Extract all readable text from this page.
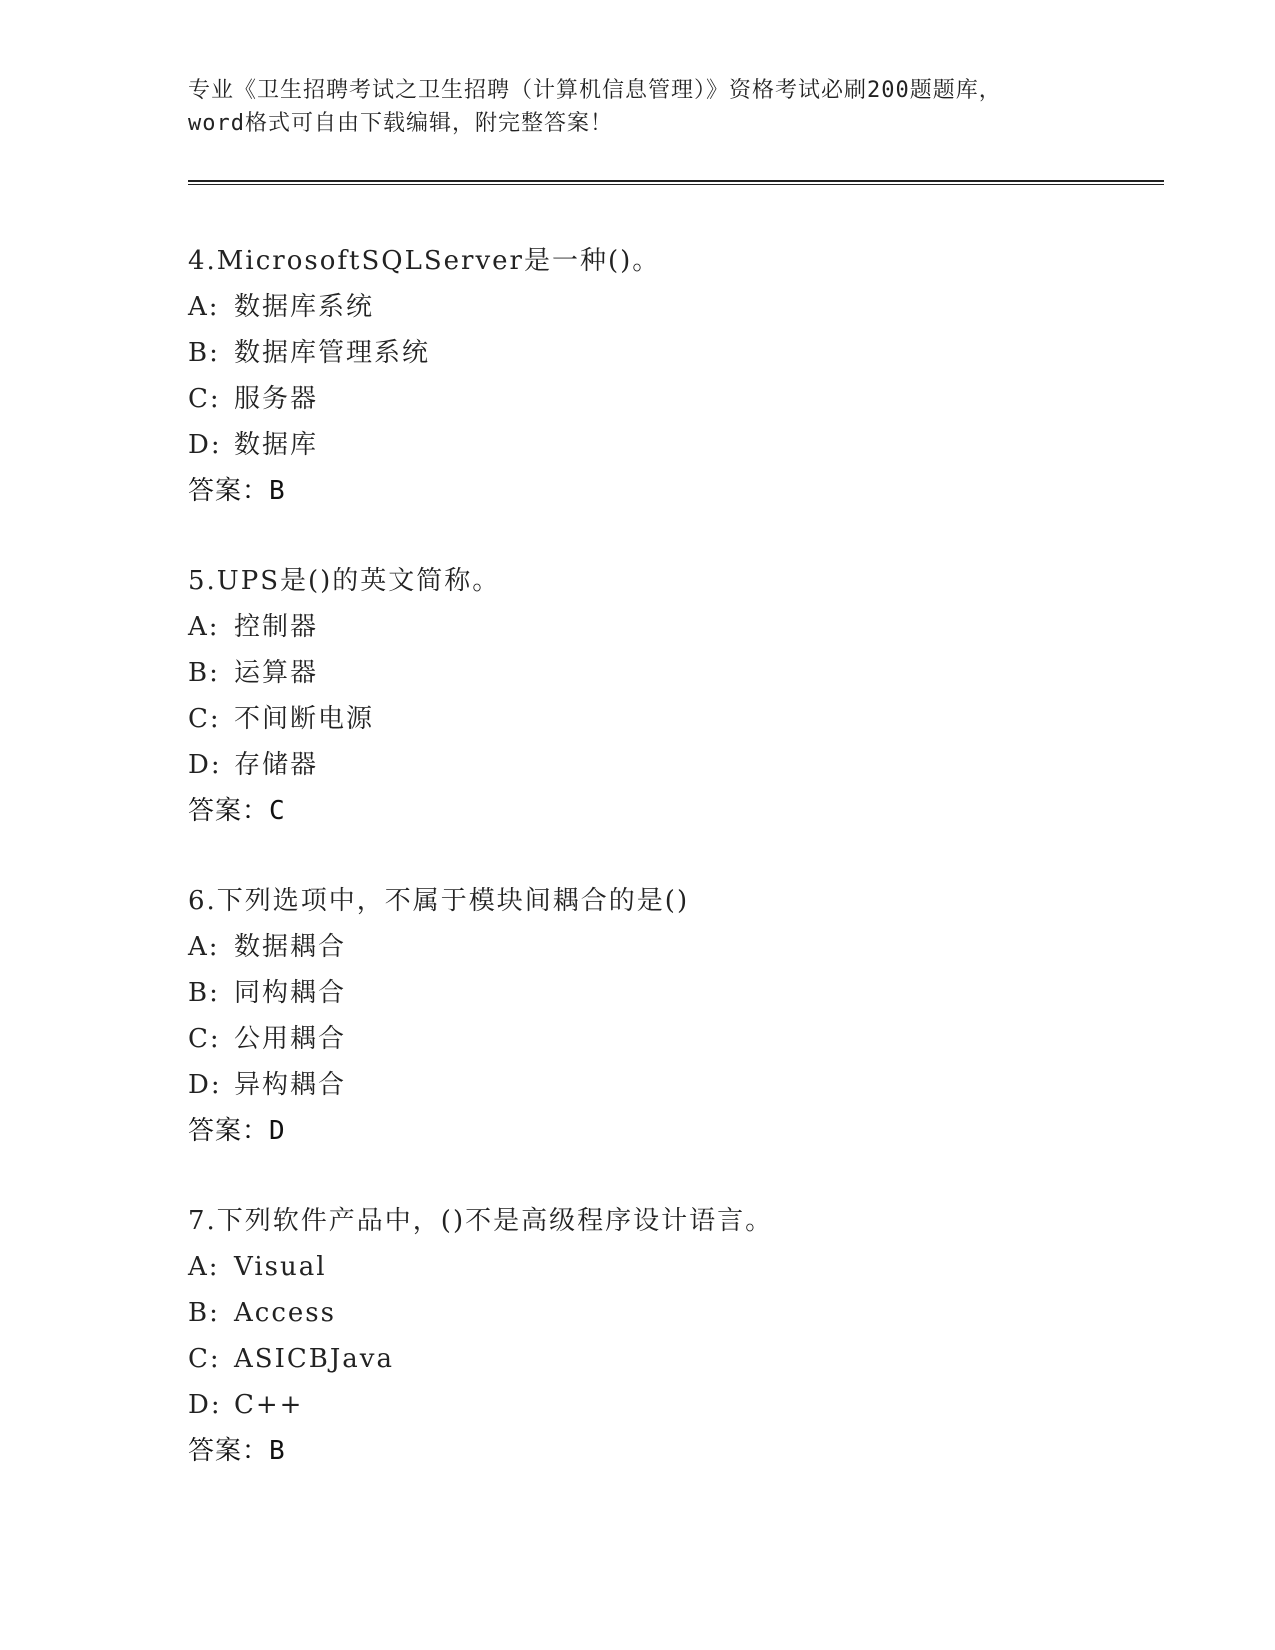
专业《卫生招聘考试之卫生招聘（计算机信息管理）》资格考试必刷200题题库，
word格式可自由下载编辑，附完整答案！
4.MicrosoftSQLServer是一种()。
A: 数据库系统
B: 数据库管理系统
C: 服务器
D: 数据库
答案：B
5.UPS是()的英文简称。
A: 控制器
B: 运算器
C: 不间断电源
D: 存储器
答案：C
6.下列选项中，不属于模块间耦合的是()
A: 数据耦合
B: 同构耦合
C: 公用耦合
D: 异构耦合
答案：D
7.下列软件产品中，()不是高级程序设计语言。
A: Visual
B: Access
C: ASICBJava
D: C++
答案：B
